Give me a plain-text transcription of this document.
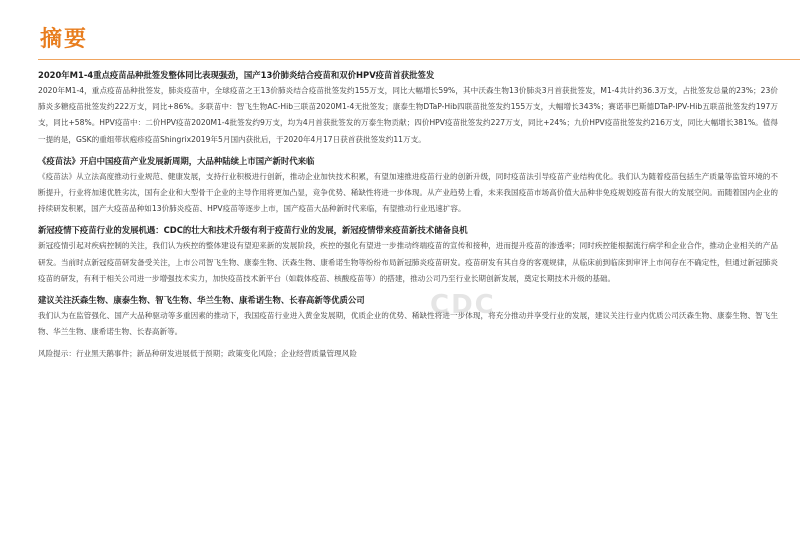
摘要
2020年M1-4重点疫苗品种批签发整体同比表现强劲，国产13价肺炎结合疫苗和双价HPV疫苗首获批签发
2020年M1-4，重点疫苗品种批签发，肺炎疫苗中，全球疫苗之王13价肺炎结合疫苗批签发约155万支，同比大幅增长59%，其中沃森生物13价肺炎3月首获批签发，M1-4共计约36.3万支，占批签发总量的23%；23价肺炎多糖疫苗批签发约222万支，同比+86%。多联苗中：智飞生物AC-Hib三联苗2020M1-4无批签发；康泰生物DTaP-Hib四联苗批签发约155万支，大幅增长343%；赛诺菲巴斯德DTaP-IPV-Hib五联苗批签发约197万支，同比+58%。HPV疫苗中：二价HPV疫苗2020M1-4批签发约9万支，均为4月首获批签发的万泰生物贡献；四价HPV疫苗批签发约227万支，同比+24%；九价HPV疫苗批签发约216万支，同比大幅增长381%。值得一提的是，GSK的重组带状疱疹疫苗Shingrix2019年5月国内获批后，于2020年4月17日获首获批签发约11万支。
《疫苗法》开启中国疫苗产业发展新周期，大品种陆续上市国产新时代来临
《疫苗法》从立法高度推动行业规范、健康发展，支持行业积极进行创新，推动企业加快技术积累，有望加速推进疫苗行业的创新升级，同时疫苗法引导疫苗产业结构优化。我们认为随着疫苗包括生产质量等监管环境的不断提升，行业将加速优胜劣汰，国有企业和大型骨干企业的主导作用将更加凸显，竞争优势、稀缺性将进一步体现。从产业趋势上看，未来我国疫苗市场高价值大品种非免疫规划疫苗有很大的发展空间。而随着国内企业的持续研发积累，国产大疫苗品种如13价肺炎疫苗、HPV疫苗等逐步上市，国产疫苗大品种新时代来临，有望推动行业迅速扩容。
新冠疫情下疫苗行业的发展机遇：CDC的壮大和技术升级有利于疫苗行业的发展，新冠疫情带来疫苗新技术储备良机
新冠疫情引起对疾病控制的关注，我们认为疾控的整体建设有望迎来新的发展阶段，疾控的强化有望进一步推动终端疫苗的宣传和接种，进而提升疫苗的渗透率；同时疾控能根据流行病学和企业合作，推动企业相关的产品研发。当前时点新冠疫苗研发备受关注，上市公司智飞生物、康泰生物、沃森生物、康希诺生物等纷纷布局新冠肺炎疫苗研发。疫苗研发有其自身的客观规律，从临床前到临床到审评上市间存在不确定性，但通过新冠肺炎疫苗的研发，有利于相关公司进一步增强技术实力，加快疫苗技术新平台（如载体疫苗、核酸疫苗等）的搭建，推动公司乃至行业长期创新发展，奠定长期技术升级的基础。
建议关注沃森生物、康泰生物、智飞生物、华兰生物、康希诺生物、长春高新等优质公司
我们认为在监管强化、国产大品种驱动等多重因素的推动下，我国疫苗行业进入黄金发展期，优质企业的优势、稀缺性将进一步体现，将充分推动并享受行业的发展，建议关注行业内优质公司沃森生物、康泰生物、智飞生物、华兰生物、康希诺生物、长春高新等。
风险提示：行业黑天鹅事件；新品种研发进展低于预期；政策变化风险；企业经营质量管理风险
CDC
